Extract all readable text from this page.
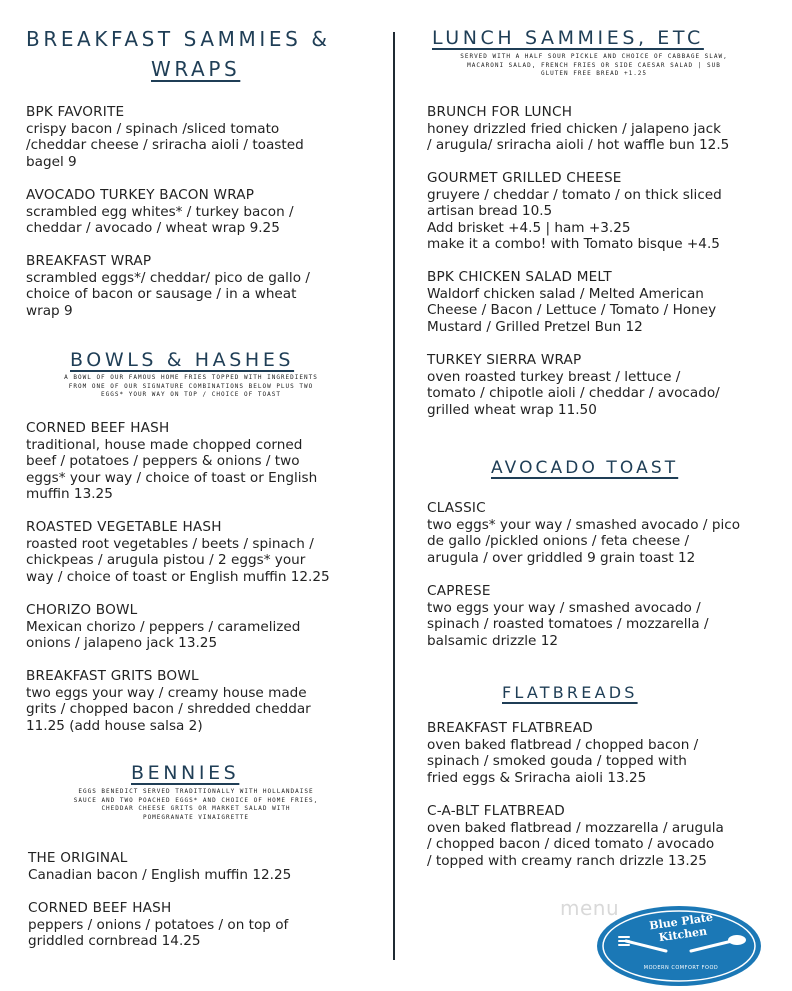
BREAKFAST SAMMIES &
WRAPS
BPK FAVORITE
crispy bacon / spinach /sliced tomato
/cheddar cheese / sriracha aioli / toasted
bagel 9
AVOCADO TURKEY BACON WRAP
scrambled egg whites* / turkey bacon /
cheddar / avocado / wheat wrap 9.25
BREAKFAST WRAP
scrambled eggs*/ cheddar/ pico de gallo /
choice of bacon or sausage / in a wheat
wrap 9
BOWLS & HASHES
A BOWL OF OUR FAMOUS HOME FRIES TOPPED WITH INGREDIENTS
FROM ONE OF OUR SIGNATURE COMBINATIONS BELOW PLUS TWO
EGGS* YOUR WAY ON TOP / CHOICE OF TOAST
CORNED BEEF HASH
traditional, house made chopped corned
beef / potatoes / peppers & onions / two
eggs* your way / choice of toast or English
muffin 13.25
ROASTED VEGETABLE HASH
roasted root vegetables / beets / spinach /
chickpeas / arugula pistou / 2 eggs* your
way / choice of toast or English muffin 12.25
CHORIZO BOWL
Mexican chorizo / peppers / caramelized
onions / jalapeno jack 13.25
BREAKFAST GRITS BOWL
two eggs your way / creamy house made
grits / chopped bacon / shredded cheddar
11.25 (add house salsa 2)
BENNIES
EGGS BENEDICT SERVED TRADITIONALLY WITH HOLLANDAISE
SAUCE AND TWO POACHED EGGS* AND CHOICE OF HOME FRIES,
CHEDDAR CHEESE GRITS OR MARKET SALAD WITH
POMEGRANATE VINAIGRETTE
THE ORIGINAL
Canadian bacon / English muffin 12.25
CORNED BEEF HASH
peppers / onions / potatoes / on top of
griddled cornbread 14.25
LUNCH SAMMIES, ETC
SERVED WITH A HALF SOUR PICKLE AND CHOICE OF CABBAGE SLAW,
MACARONI SALAD, FRENCH FRIES OR SIDE CAESAR SALAD | SUB
GLUTEN FREE BREAD +1.25
BRUNCH FOR LUNCH
honey drizzled fried chicken / jalapeno jack
/ arugula/ sriracha aioli / hot waffle bun 12.5
GOURMET GRILLED CHEESE
gruyere / cheddar / tomato / on thick sliced
artisan bread 10.5
Add brisket +4.5 | ham +3.25
make it a combo! with Tomato bisque +4.5
BPK CHICKEN SALAD MELT
Waldorf chicken salad / Melted American
Cheese / Bacon / Lettuce / Tomato / Honey
Mustard / Grilled Pretzel Bun 12
TURKEY SIERRA WRAP
oven roasted turkey breast / lettuce /
tomato / chipotle aioli / cheddar / avocado/
grilled wheat wrap 11.50
AVOCADO TOAST
CLASSIC
two eggs* your way / smashed avocado / pico
de gallo /pickled onions / feta cheese /
arugula / over griddled 9 grain toast 12
CAPRESE
two eggs your way / smashed avocado /
spinach / roasted tomatoes / mozzarella /
balsamic drizzle 12
FLATBREADS
BREAKFAST FLATBREAD
oven baked flatbread / chopped bacon /
spinach / smoked gouda / topped with
fried eggs & Sriracha aioli 13.25
C-A-BLT FLATBREAD
oven baked flatbread / mozzarella / arugula
/ chopped bacon / diced tomato / avocado
/ topped with creamy ranch drizzle 13.25
menu
Blue Plate Kitchen
MODERN COMFORT FOOD
